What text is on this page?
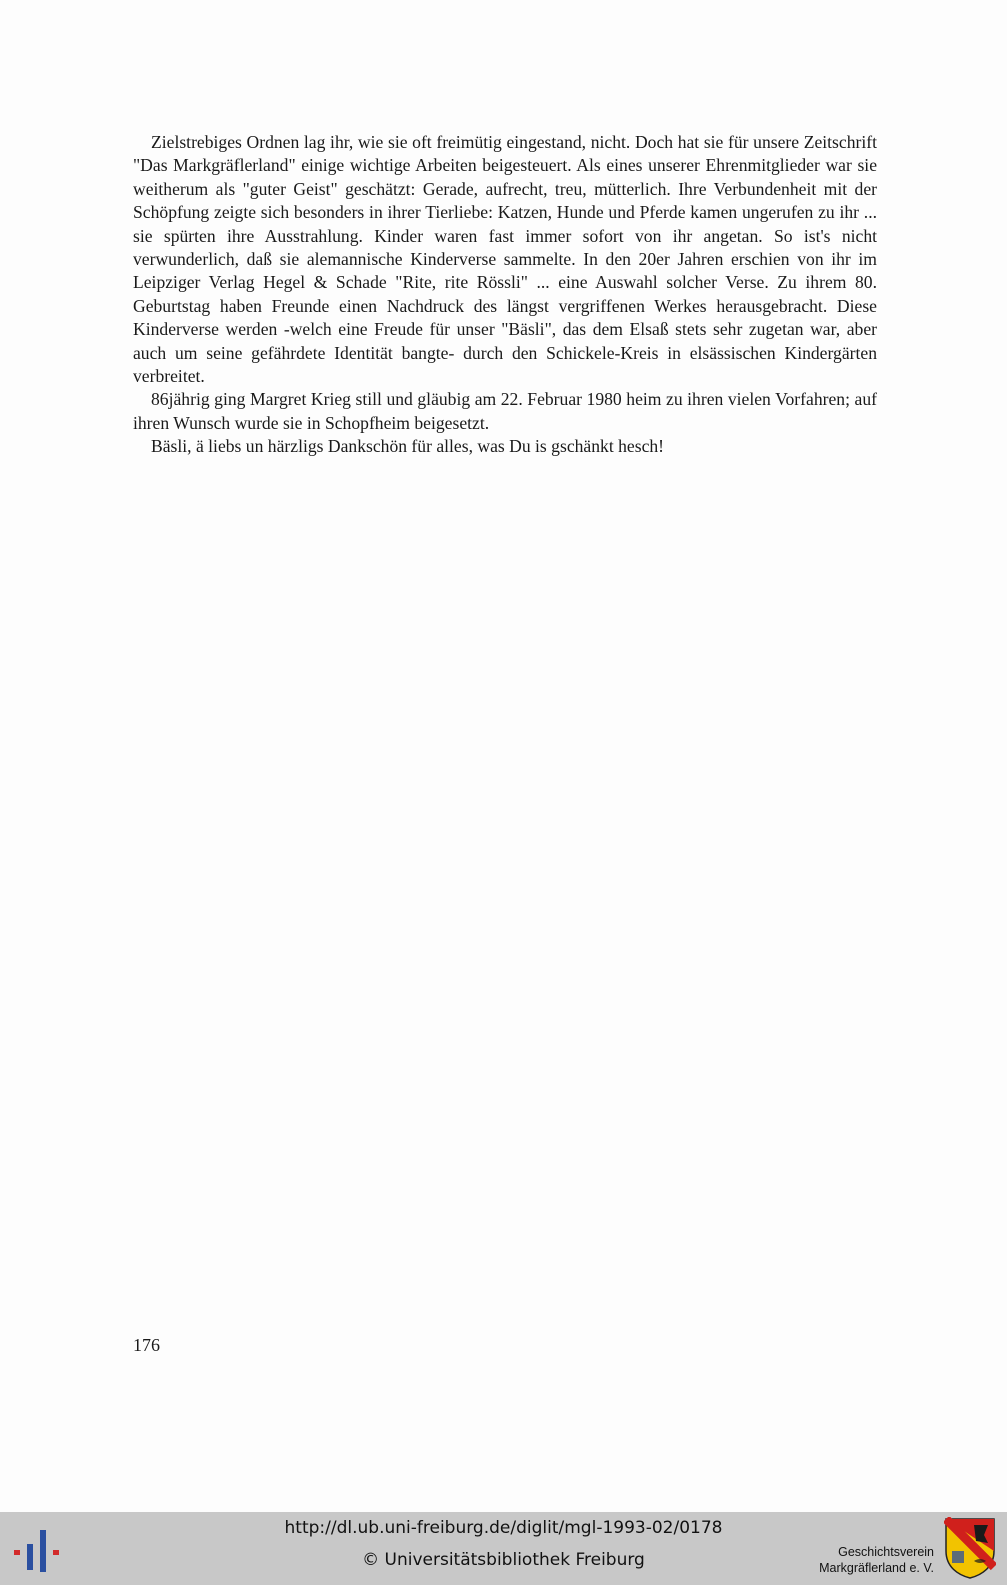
Zielstrebiges Ordnen lag ihr, wie sie oft freimütig eingestand, nicht. Doch hat sie für unsere Zeitschrift "Das Markgräflerland" einige wichtige Arbeiten beigesteuert. Als eines unserer Ehrenmitglieder war sie weitherum als "guter Geist" geschätzt: Gerade, aufrecht, treu, mütterlich. Ihre Verbundenheit mit der Schöpfung zeigte sich besonders in ihrer Tierliebe: Katzen, Hunde und Pferde kamen ungerufen zu ihr ... sie spürten ihre Ausstrahlung. Kinder waren fast immer sofort von ihr angetan. So ist's nicht verwunderlich, daß sie alemannische Kinderverse sammelte. In den 20er Jahren erschien von ihr im Leipziger Verlag Hegel & Schade "Rite, rite Rössli" ... eine Auswahl solcher Verse. Zu ihrem 80. Geburtstag haben Freunde einen Nachdruck des längst vergriffenen Werkes herausgebracht. Diese Kinderverse werden -welch eine Freude für unser "Bäsli", das dem Elsaß stets sehr zugetan war, aber auch um seine gefährdete Identität bangte- durch den Schickele-Kreis in elsässischen Kindergärten verbreitet.

86jährig ging Margret Krieg still und gläubig am 22. Februar 1980 heim zu ihren vielen Vorfahren; auf ihren Wunsch wurde sie in Schopfheim beigesetzt.

Bäsli, ä liebs un härzligs Dankschön für alles, was Du is gschänkt hesch!

176
http://dl.ub.uni-freiburg.de/diglit/mgl-1993-02/0178
© Universitätsbibliothek Freiburg	Geschichtsverein
Markgräflerland e. V.
